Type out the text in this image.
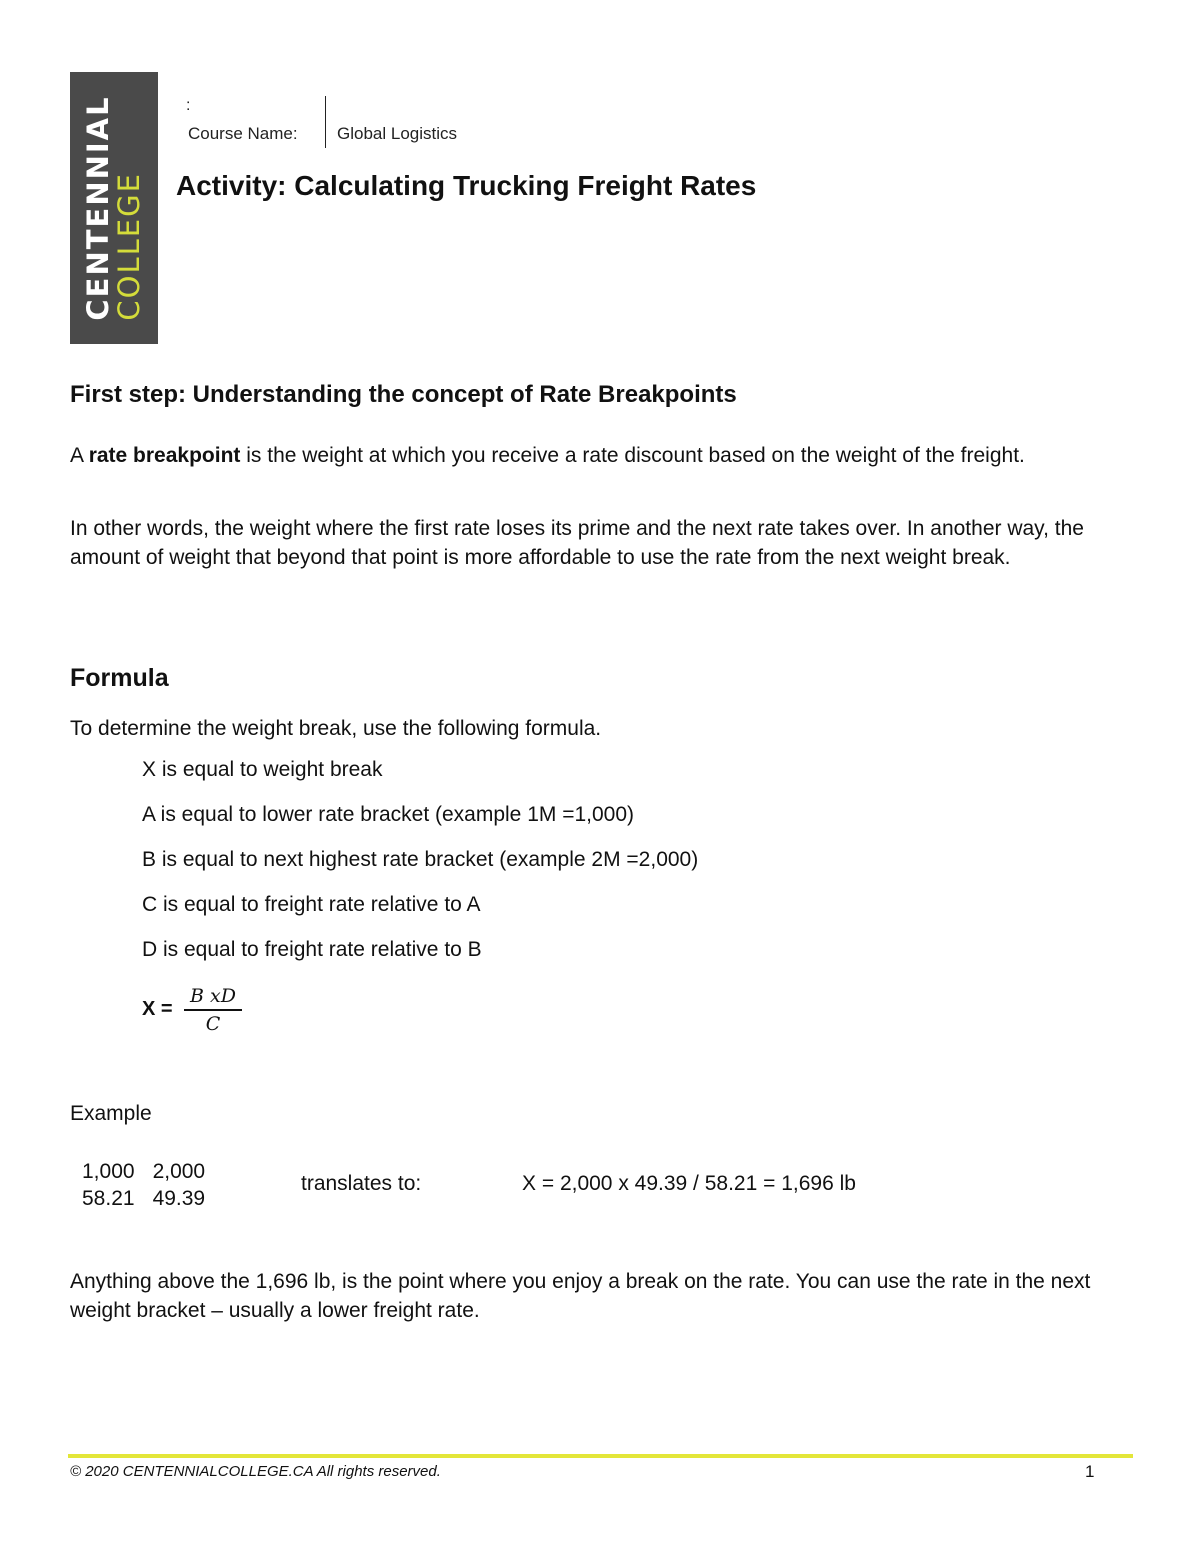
CENTENNIAL
COLLEGE
:
Course Name: Global Logistics
Activity: Calculating Trucking Freight Rates
First step: Understanding the concept of Rate Breakpoints

A rate breakpoint is the weight at which you receive a rate discount based on the weight of the freight.

In other words, the weight where the first rate loses its prime and the next rate takes over. In another way, the amount of weight that beyond that point is more affordable to use the rate from the next weight break.

Formula

To determine the weight break, use the following formula.

X is equal to weight break

A is equal to lower rate bracket (example 1M =1,000)

B is equal to next highest rate bracket (example 2M =2,000)

C is equal to freight rate relative to A

D is equal to freight rate relative to B

X =
B xD
C

Example

1,000	2,000
58.21	49.39
translates to:	X = 2,000 x 49.39 / 58.21 = 1,696 lb

Anything above the 1,696 lb, is the point where you enjoy a break on the rate. You can use the rate in the next weight bracket – usually a lower freight rate.

© 2020 CENTENNIALCOLLEGE.CA All rights reserved.	1
